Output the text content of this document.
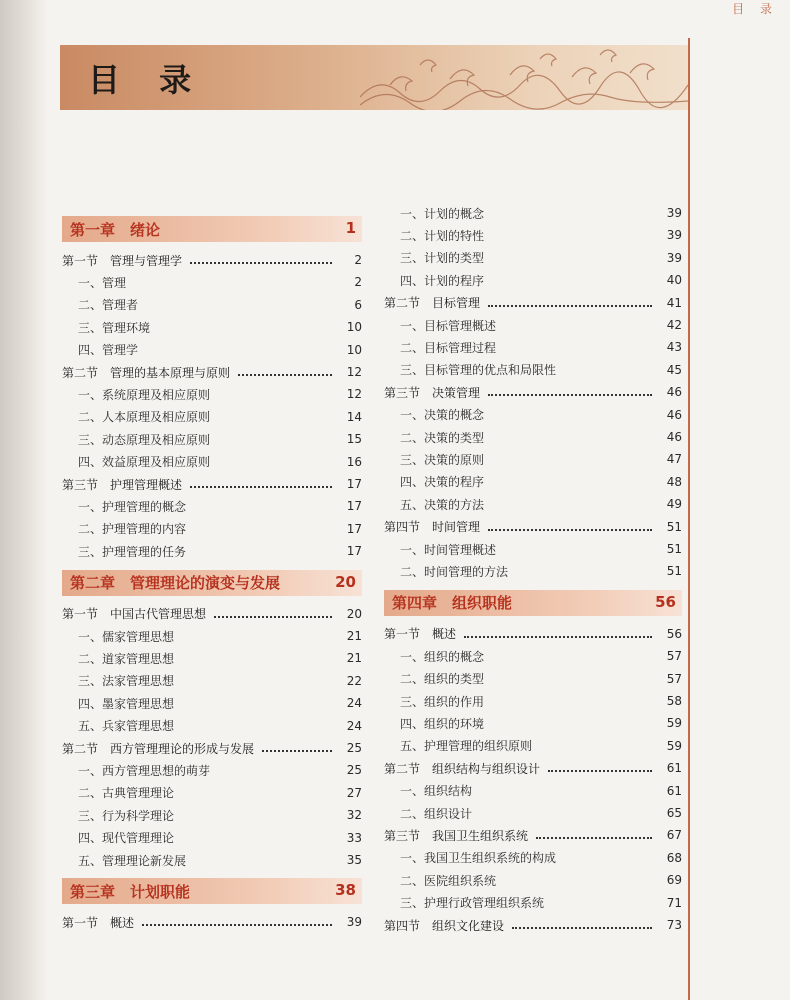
目 录
目 录
第一章　绪论	1
第一节　管理与管理学	2
一、管理	2
二、管理者	6
三、管理环境	10
四、管理学	10
第二节　管理的基本原理与原则	12
一、系统原理及相应原则	12
二、人本原理及相应原则	14
三、动态原理及相应原则	15
四、效益原理及相应原则	16
第三节　护理管理概述	17
一、护理管理的概念	17
二、护理管理的内容	17
三、护理管理的任务	17
第二章　管理理论的演变与发展	20
第一节　中国古代管理思想	20
一、儒家管理思想	21
二、道家管理思想	21
三、法家管理思想	22
四、墨家管理思想	24
五、兵家管理思想	24
第二节　西方管理理论的形成与发展	25
一、西方管理思想的萌芽	25
二、古典管理理论	27
三、行为科学理论	32
四、现代管理理论	33
五、管理理论新发展	35
第三章　计划职能	38
第一节　概述	39
一、计划的概念	39
二、计划的特性	39
三、计划的类型	39
四、计划的程序	40
第二节　目标管理	41
一、目标管理概述	42
二、目标管理过程	43
三、目标管理的优点和局限性	45
第三节　决策管理	46
一、决策的概念	46
二、决策的类型	46
三、决策的原则	47
四、决策的程序	48
五、决策的方法	49
第四节　时间管理	51
一、时间管理概述	51
二、时间管理的方法	51
第四章　组织职能	56
第一节　概述	56
一、组织的概念	57
二、组织的类型	57
三、组织的作用	58
四、组织的环境	59
五、护理管理的组织原则	59
第二节　组织结构与组织设计	61
一、组织结构	61
二、组织设计	65
第三节　我国卫生组织系统	67
一、我国卫生组织系统的构成	68
二、医院组织系统	69
三、护理行政管理组织系统	71
第四节　组织文化建设	73
